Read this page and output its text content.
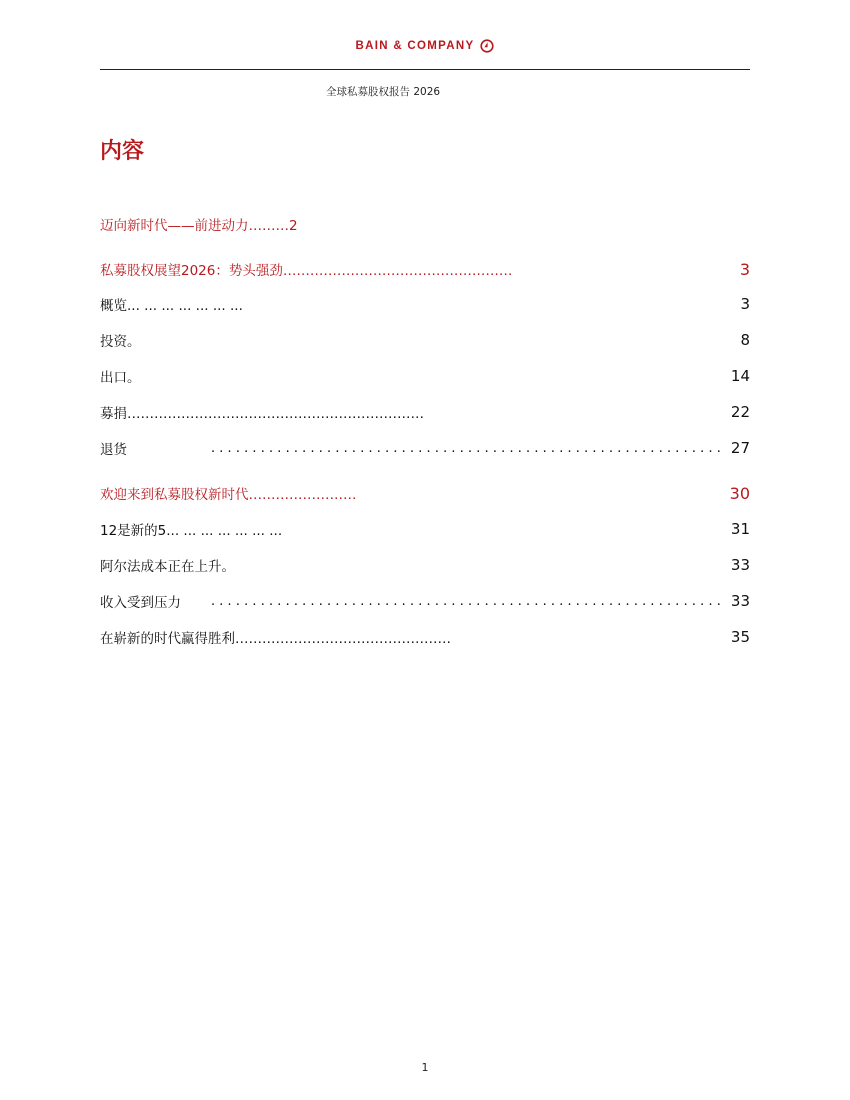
BAIN & COMPANY
全球私募股权报告 2026
内容
迈向新时代——前进动力………2
私募股权展望2026：势头强劲……………………………………………	3
概览... ... ... ... ... ... ...	3
投资。	8
出口。	14
募捐…………………………………………………………	22
退货	.............................................................. 27
欢迎来到私募股权新时代……………………	30
12是新的5... ... ... ... ... ... ...	31
阿尔法成本正在上升。	33
收入受到压力 .............................................................. 33
在崭新的时代赢得胜利…………………………………………	35
1
